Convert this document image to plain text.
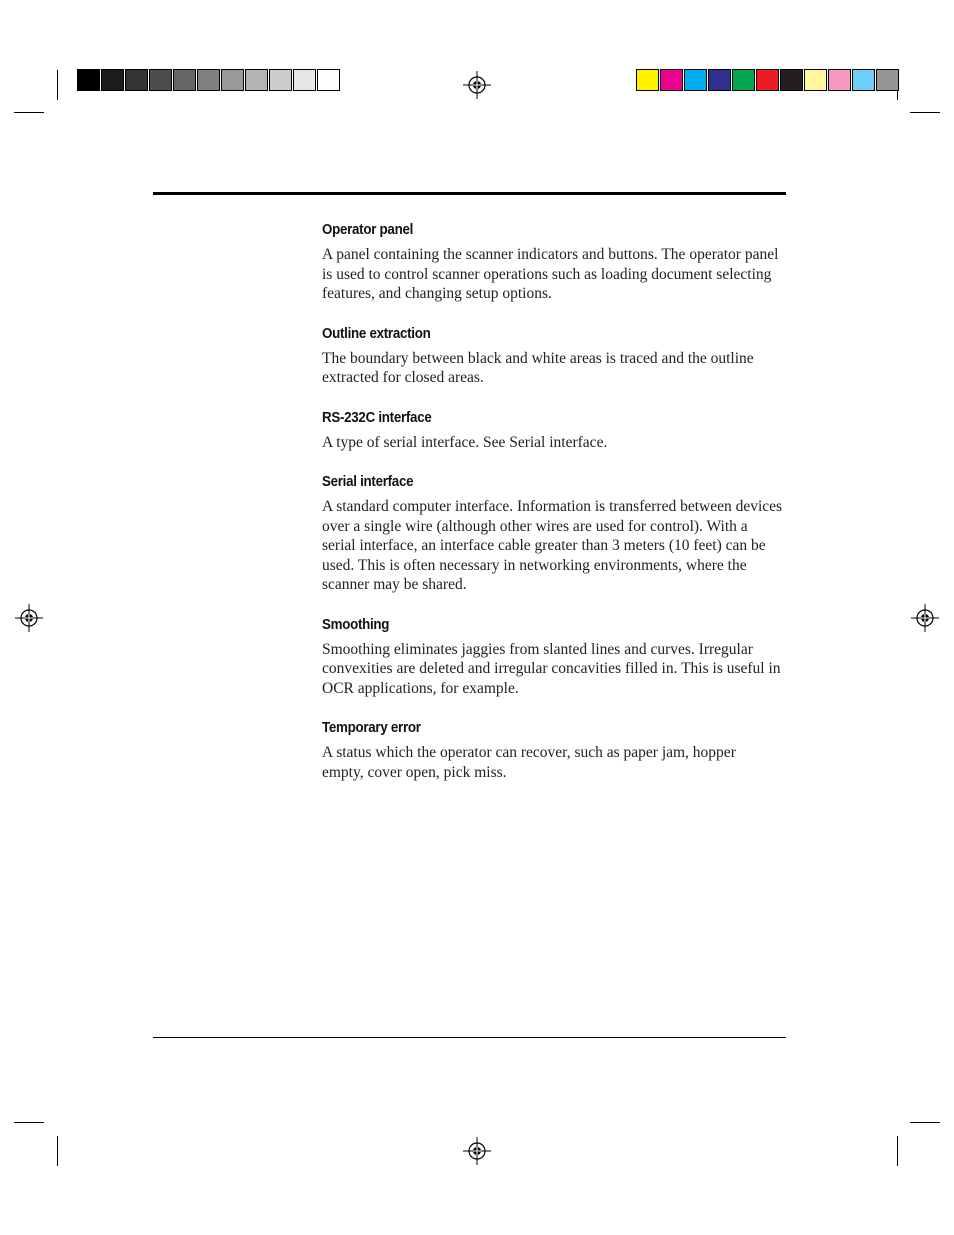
Operator panel

A panel containing the scanner indicators and buttons. The operator panel is used to control scanner operations such as loading document selecting features, and changing setup options.

Outline extraction

The boundary between black and white areas is traced and the outline extracted for closed areas.

RS-232C interface

A type of serial interface. See Serial interface.

Serial interface

A standard computer interface. Information is transferred between devices over a single wire (although other wires are used for control). With a serial interface, an interface cable greater than 3 meters (10 feet) can be used. This is often necessary in networking environments, where the scanner may be shared.

Smoothing

Smoothing eliminates jaggies from slanted lines and curves. Irregular convexities are deleted and irregular concavities filled in. This is useful in OCR applications, for example.

Temporary error

A status which the operator can recover, such as paper jam, hopper empty, cover open, pick miss.
